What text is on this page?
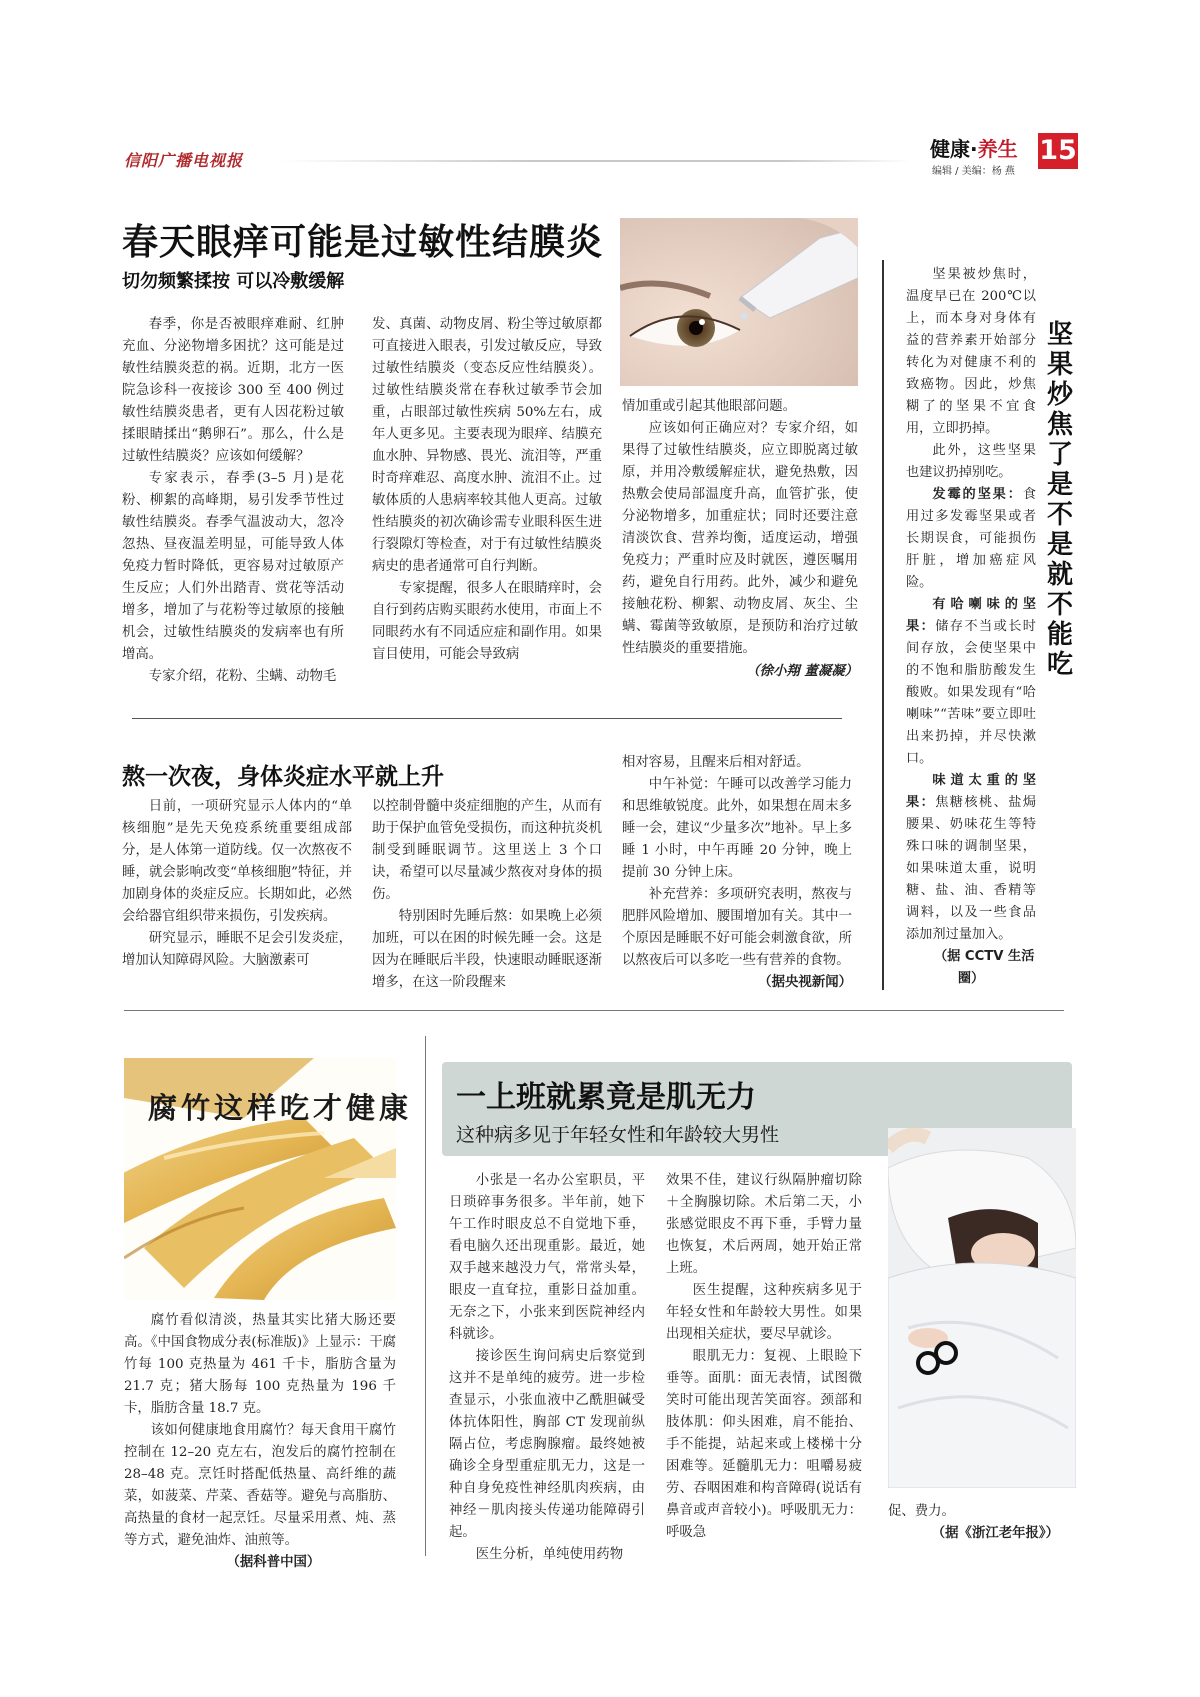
信阳广播电视报	健康·养生
编辑 / 美编：杨 燕
15
春天眼痒可能是过敏性结膜炎
切勿频繁揉按 可以冷敷缓解

春季，你是否被眼痒难耐、红肿充血、分泌物增多困扰？这可能是过敏性结膜炎惹的祸。近期，北方一医院急诊科一夜接诊 300 至 400 例过敏性结膜炎患者，更有人因花粉过敏揉眼睛揉出“鹅卵石”。那么，什么是过敏性结膜炎？应该如何缓解？

专家表示，春季(3–5 月)是花粉、柳絮的高峰期，易引发季节性过敏性结膜炎。春季气温波动大，忽冷忽热、昼夜温差明显，可能导致人体免疫力暂时降低，更容易对过敏原产生反应；人们外出踏青、赏花等活动增多，增加了与花粉等过敏原的接触机会，过敏性结膜炎的发病率也有所增高。

专家介绍，花粉、尘螨、动物毛

发、真菌、动物皮屑、粉尘等过敏原都可直接进入眼表，引发过敏反应，导致过敏性结膜炎（变态反应性结膜炎）。过敏性结膜炎常在春秋过敏季节会加重，占眼部过敏性疾病 50%左右，成年人更多见。主要表现为眼痒、结膜充血水肿、异物感、畏光、流泪等，严重时奇痒难忍、高度水肿、流泪不止。过敏体质的人患病率较其他人更高。过敏性结膜炎的初次确诊需专业眼科医生进行裂隙灯等检查，对于有过敏性结膜炎病史的患者通常可自行判断。

专家提醒，很多人在眼睛痒时，会自行到药店购买眼药水使用，市面上不同眼药水有不同适应症和副作用。如果盲目使用，可能会导致病

情加重或引起其他眼部问题。

应该如何正确应对？专家介绍，如果得了过敏性结膜炎，应立即脱离过敏原，并用冷敷缓解症状，避免热敷，因热敷会使局部温度升高，血管扩张，使分泌物增多，加重症状；同时还要注意清淡饮食、营养均衡，适度运动，增强免疫力；严重时应及时就医，遵医嘱用药，避免自行用药。此外，减少和避免接触花粉、柳絮、动物皮屑、灰尘、尘螨、霉菌等致敏原，是预防和治疗过敏性结膜炎的重要措施。

（徐小翔 董凝凝）

坚果被炒焦时，温度早已在 200℃以上，而本身对身体有益的营养素开始部分转化为对健康不利的致癌物。因此，炒焦糊了的坚果不宜食用，立即扔掉。

此外，这些坚果也建议扔掉别吃。

发霉的坚果：食用过多发霉坚果或者长期误食，可能损伤肝脏，增加癌症风险。

有哈喇味的坚果：储存不当或长时间存放，会使坚果中的不饱和脂肪酸发生酸败。如果发现有“哈喇味”“苦味”要立即吐出来扔掉，并尽快漱口。

味道太重的坚果：焦糖核桃、盐焗腰果、奶味花生等特殊口味的调制坚果，如果味道太重，说明糖、盐、油、香精等调料，以及一些食品添加剂过量加入。

（据 CCTV 生活圈）

坚果炒焦了 是不是就不能吃
熬一次夜，身体炎症水平就上升

日前，一项研究显示人体内的“单核细胞”是先天免疫系统重要组成部分，是人体第一道防线。仅一次熬夜不睡，就会影响改变“单核细胞”特征，并加剧身体的炎症反应。长期如此，必然会给器官组织带来损伤，引发疾病。

研究显示，睡眠不足会引发炎症，增加认知障碍风险。大脑激素可

以控制骨髓中炎症细胞的产生，从而有助于保护血管免受损伤，而这种抗炎机制受到睡眠调节。这里送上 3 个口诀，希望可以尽量减少熬夜对身体的损伤。

特别困时先睡后熬：如果晚上必须加班，可以在困的时候先睡一会。这是因为在睡眠后半段，快速眼动睡眠逐渐增多，在这一阶段醒来

相对容易，且醒来后相对舒适。

中午补觉：午睡可以改善学习能力和思维敏锐度。此外，如果想在周末多睡一会，建议“少量多次”地补。早上多睡 1 小时，中午再睡 20 分钟，晚上提前 30 分钟上床。

补充营养：多项研究表明，熬夜与肥胖风险增加、腰围增加有关。其中一个原因是睡眠不好可能会刺激食欲，所以熬夜后可以多吃一些有营养的食物。

（据央视新闻）

腐竹这样吃才健康

腐竹看似清淡，热量其实比猪大肠还要高。《中国食物成分表(标准版)》上显示：干腐竹每 100 克热量为 461 千卡，脂肪含量为 21.7 克；猪大肠每 100 克热量为 196 千卡，脂肪含量 18.7 克。

该如何健康地食用腐竹？每天食用干腐竹控制在 12–20 克左右，泡发后的腐竹控制在 28–48 克。烹饪时搭配低热量、高纤维的蔬菜，如菠菜、芹菜、香菇等。避免与高脂肪、高热量的食材一起烹饪。尽量采用煮、炖、蒸等方式，避免油炸、油煎等。

（据科普中国）

一上班就累竟是肌无力
这种病多见于年轻女性和年龄较大男性

小张是一名办公室职员，平日琐碎事务很多。半年前，她下午工作时眼皮总不自觉地下垂，看电脑久还出现重影。最近，她双手越来越没力气，常常头晕，眼皮一直耷拉，重影日益加重。无奈之下，小张来到医院神经内科就诊。

接诊医生询问病史后察觉到这并不是单纯的疲劳。进一步检查显示，小张血液中乙酰胆碱受体抗体阳性，胸部 CT 发现前纵隔占位，考虑胸腺瘤。最终她被确诊全身型重症肌无力，这是一种自身免疫性神经肌肉疾病，由神经－肌肉接头传递功能障碍引起。

医生分析，单纯使用药物

效果不佳，建议行纵隔肿瘤切除＋全胸腺切除。术后第二天，小张感觉眼皮不再下垂，手臂力量也恢复，术后两周，她开始正常上班。

医生提醒，这种疾病多见于年轻女性和年龄较大男性。如果出现相关症状，要尽早就诊。

眼肌无力：复视、上眼睑下垂等。面肌：面无表情，试图微笑时可能出现苦笑面容。颈部和肢体肌：仰头困难，肩不能抬、手不能提，站起来或上楼梯十分困难等。延髓肌无力：咀嚼易疲劳、吞咽困难和构音障碍(说话有鼻音或声音较小)。呼吸肌无力：呼吸急

促、费力。

（据《浙江老年报》）
